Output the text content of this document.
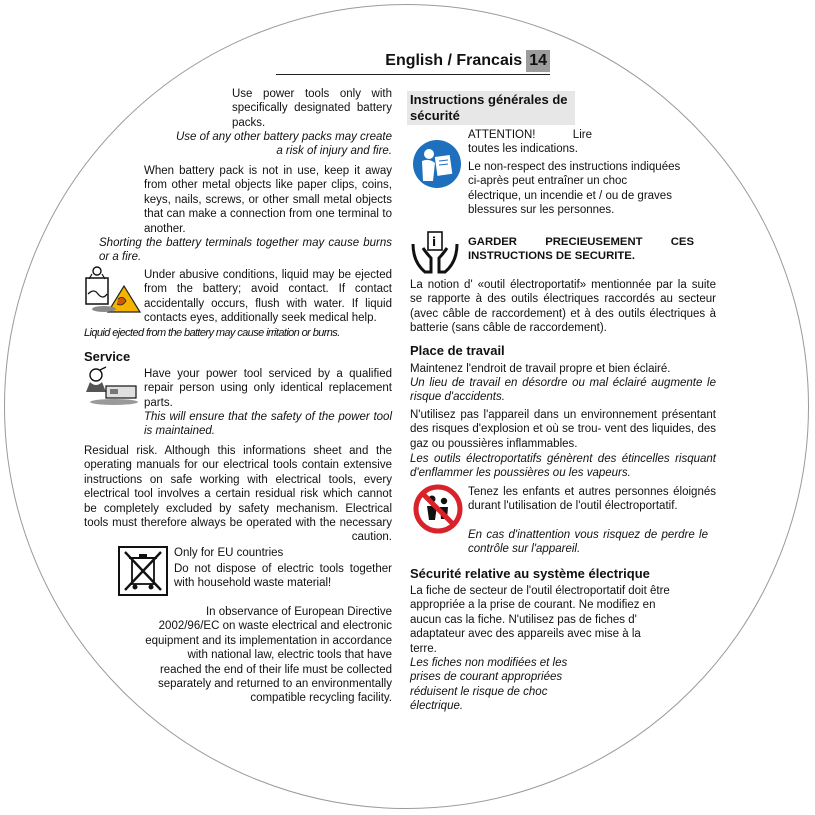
English / Francais 14
Use power tools only with specifically designated battery packs.
Use of any other battery packs may create a risk of injury and fire.
When battery pack is not in use, keep it away from other metal objects like paper clips, coins, keys, nails, screws, or other small metal objects that can make a connection from one terminal to another.
Shorting the battery terminals together may cause burns or a fire.
Under abusive conditions, liquid may be ejected from the battery; avoid contact. If contact accidentally occurs, flush with water. If liquid contacts eyes, additionally seek medical help.
Liquid ejected from the battery may cause irritation or burns.
Service
Have your power tool serviced by a qualified repair person using only identical replacement parts.
This will ensure that the safety of the power tool is maintained.
Residual risk. Although this informations sheet and the operating manuals for our electrical tools contain extensive instructions on safe working with electrical tools, every electrical tool involves a certain residual risk which cannot be completely excluded by safety mechanism. Electrical tools must therefore always be operated with the necessary caution.
Only for EU countries
Do not dispose of electric tools together with household waste material!
In observance of European Directive 2002/96/EC on waste electrical and electronic equipment and its implementation in accordance with national law, electric tools that have reached the end of their life must be collected separately and returned to an environmentally compatible recycling facility.
Instructions générales de sécurité
ATTENTION! Lire toutes les indications.
Le non-respect des instructions indiquées ci-après peut entraîner un choc électrique, un incendie et / ou de graves blessures sur les personnes.
i	GARDER PRECIEUSEMENT CES INSTRUCTIONS DE SECURITE.
La notion d' «outil électroportatif» mentionnée par la suite se rapporte à des outils électriques raccordés au secteur (avec câble de raccordement) et à des outils électriques à batterie (sans câble de raccordement).
Place de travail
Maintenez l'endroit de travail propre et bien éclairé.
Un lieu de travail en désordre ou mal éclairé augmente le risque d'accidents.
N'utilisez pas l'appareil dans un environnement présentant des risques d'explosion et où se trou- vent des liquides, des gaz ou poussières inflammables.
Les outils électroportatifs génèrent des étincelles risquant d'enflammer les poussières ou les vapeurs.
Tenez les enfants et autres personnes éloignés durant l'utilisation de l'outil électroportatif.
En cas d'inattention vous risquez de perdre le contrôle sur l'appareil.
Sécurité relative au système électrique
La fiche de secteur de l'outil électroportatif doit être appropriée a la prise de courant. Ne modifiez en aucun cas la fiche. N'utilisez pas de fiches d' adaptateur avec des appareils avec mise à la terre.
Les fiches non modifiées et les prises de courant appropriées réduisent le risque de choc électrique.
